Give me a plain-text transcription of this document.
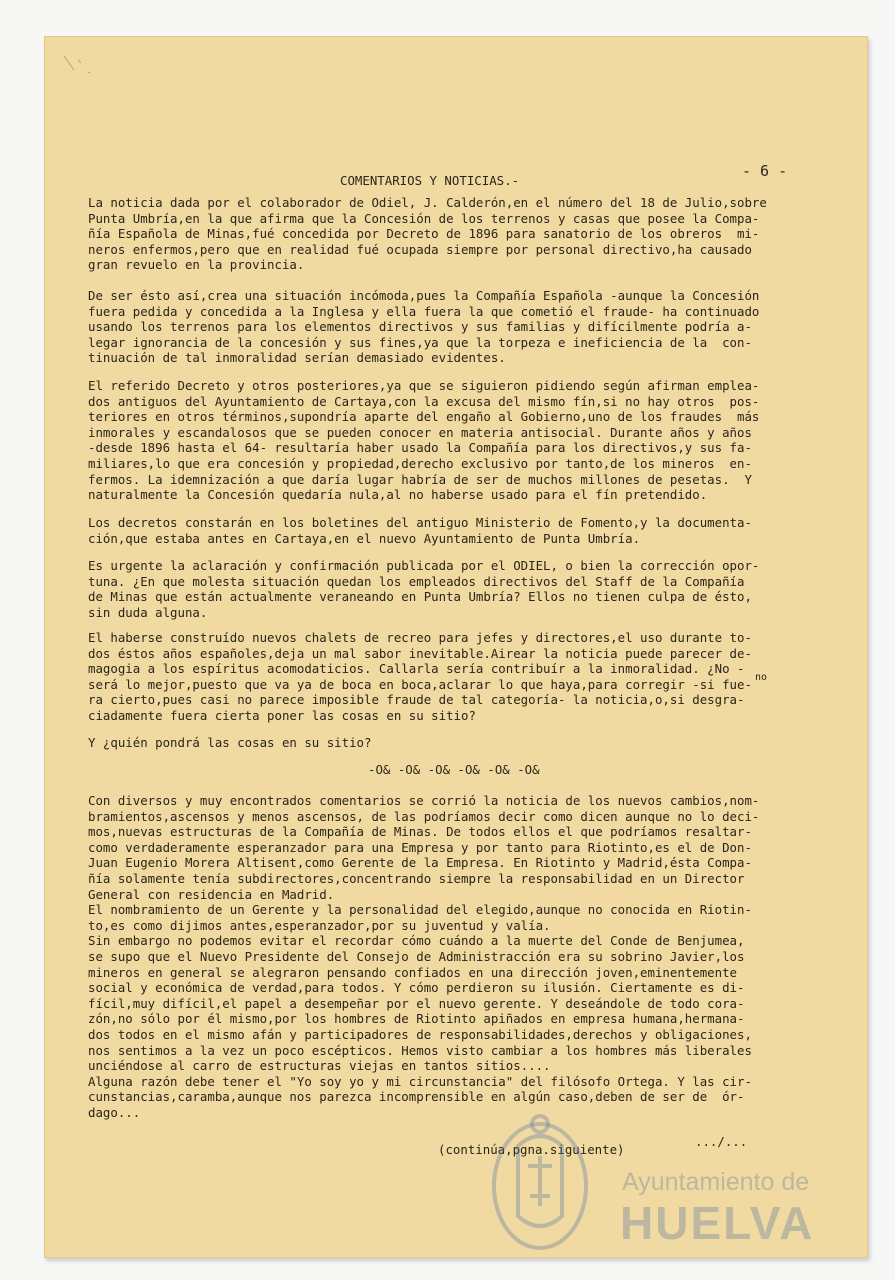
- 6 -
COMENTARIOS Y NOTICIAS.-
La noticia dada por el colaborador de Odiel, J. Calderón,en el número del 18 de Julio,sobre
Punta Umbría,en la que afirma que la Concesión de los terrenos y casas que posee la Compa-
ñía Española de Minas,fué concedida por Decreto de 1896 para sanatorio de los obreros  mi-
neros enfermos,pero que en realidad fué ocupada siempre por personal directivo,ha causado
gran revuelo en la provincia.
De ser ésto así,crea una situación incómoda,pues la Compañía Española -aunque la Concesión
fuera pedida y concedida a la Inglesa y ella fuera la que cometió el fraude- ha continuado
usando los terrenos para los elementos directivos y sus familias y difícilmente podría a-
legar ignorancia de la concesión y sus fines,ya que la torpeza e ineficiencia de la  con-
tinuación de tal inmoralidad serían demasiado evidentes.
El referido Decreto y otros posteriores,ya que se siguieron pidiendo según afirman emplea-
dos antiguos del Ayuntamiento de Cartaya,con la excusa del mismo fín,si no hay otros  pos-
teriores en otros términos,supondría aparte del engaño al Gobierno,uno de los fraudes  más
inmorales y escandalosos que se pueden conocer en materia antisocial. Durante años y años
-desde 1896 hasta el 64- resultaría haber usado la Compañía para los directivos,y sus fa-
miliares,lo que era concesión y propiedad,derecho exclusivo por tanto,de los mineros  en-
fermos. La idemnización a que daría lugar habría de ser de muchos millones de pesetas.  Y
naturalmente la Concesión quedaría nula,al no haberse usado para el fín pretendido.
Los decretos constarán en los boletines del antiguo Ministerio de Fomento,y la documenta-
ción,que estaba antes en Cartaya,en el nuevo Ayuntamiento de Punta Umbría.
Es urgente la aclaración y confirmación publicada por el ODIEL, o bien la corrección opor-
tuna. ¿En que molesta situación quedan los empleados directivos del Staff de la Compañía
de Minas que están actualmente veraneando en Punta Umbría? Ellos no tienen culpa de ésto,
sin duda alguna.
El haberse construído nuevos chalets de recreo para jefes y directores,el uso durante to-
dos éstos años españoles,deja un mal sabor inevitable.Airear la noticia puede parecer de-
magogia a los espíritus acomodaticios. Callarla sería contribuír a la inmoralidad. ¿No -
será lo mejor,puesto que va ya de boca en boca,aclarar lo que haya,para corregir -si fue-
ra cierto,pues casi no parece imposible fraude de tal categoría- la noticia,o,si desgra-
ciadamente fuera cierta poner las cosas en su sitio?
no
Y ¿quién pondrá las cosas en su sitio?
-O& -O& -O& -O& -O& -O&
Con diversos y muy encontrados comentarios se corrió la noticia de los nuevos cambios,nom-
bramientos,ascensos y menos ascensos, de las podríamos decir como dicen aunque no lo deci-
mos,nuevas estructuras de la Compañía de Minas. De todos ellos el que podríamos resaltar-
como verdaderamente esperanzador para una Empresa y por tanto para Riotinto,es el de Don-
Juan Eugenio Morera Altisent,como Gerente de la Empresa. En Riotinto y Madrid,ésta Compa-
ñía solamente tenía subdirectores,concentrando siempre la responsabilidad en un Director
General con residencia en Madrid.
El nombramiento de un Gerente y la personalidad del elegido,aunque no conocida en Riotin-
to,es como dijimos antes,esperanzador,por su juventud y valía.
Sin embargo no podemos evitar el recordar cómo cuándo a la muerte del Conde de Benjumea,
se supo que el Nuevo Presidente del Consejo de Administracción era su sobrino Javier,los
mineros en general se alegraron pensando confiados en una dirección joven,eminentemente
social y económica de verdad,para todos. Y cómo perdieron su ilusión. Ciertamente es di-
fícil,muy difícil,el papel a desempeñar por el nuevo gerente. Y deseándole de todo cora-
zón,no sólo por él mismo,por los hombres de Riotinto apiñados en empresa humana,hermana-
dos todos en el mismo afán y participadores de responsabilidades,derechos y obligaciones,
nos sentimos a la vez un poco escépticos. Hemos visto cambiar a los hombres más liberales
unciéndose al carro de estructuras viejas en tantos sitios....
Alguna razón debe tener el "Yo soy yo y mi circunstancia" del filósofo Ortega. Y las cir-
cunstancias,caramba,aunque nos parezca incomprensible en algún caso,deben de ser de  ór-
dago...
.../...
(continúa,pgna.siguiente)
Ayuntamiento de
HUELVA
